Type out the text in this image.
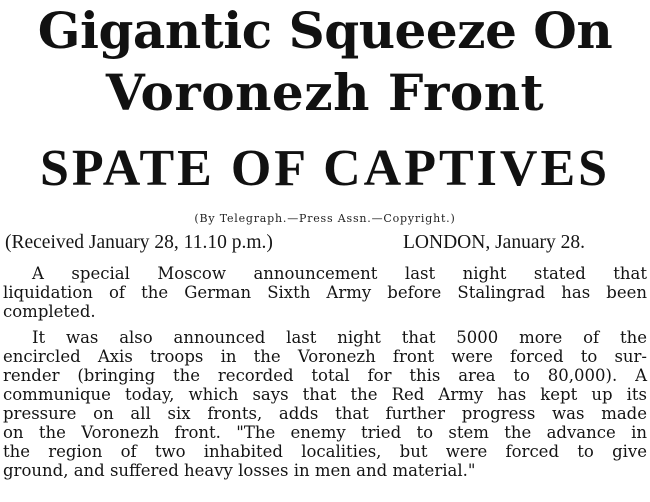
Gigantic Squeeze On
Voronezh Front
SPATE OF CAPTIVES
(By Telegraph.—Press Assn.—Copyright.)
(Received January 28, 11.10 p.m.)	LONDON, January 28.
A special Moscow announcement last night stated that
liquidation of the German Sixth Army before Stalingrad has been
completed.
It was also announced last night that 5000 more of the
encircled Axis troops in the Voronezh front were forced to sur-
render (bringing the recorded total for this area to 80,000). A
communique today, which says that the Red Army has kept up its
pressure on all six fronts, adds that further progress was made
on the Voronezh front. "The enemy tried to stem the advance in
the region of two inhabited localities, but were forced to give
ground, and suffered heavy losses in men and material."
